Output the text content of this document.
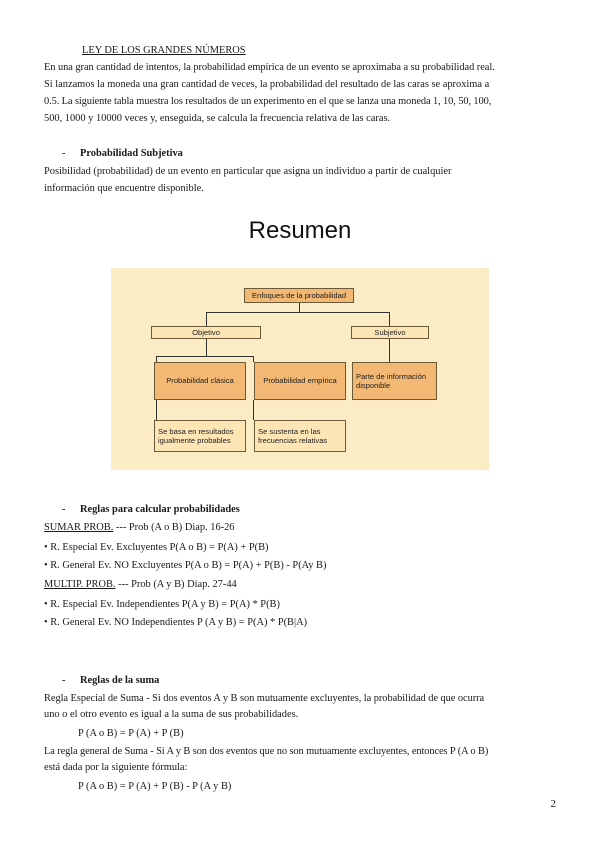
LEY DE LOS GRANDES NÚMEROS
En una gran cantidad de intentos, la probabilidad empírica de un evento se aproximaba a su probabilidad real.
Si lanzamos la moneda una gran cantidad de veces, la probabilidad del resultado de las caras se aproxima a
0.5. La siguiente tabla muestra los resultados de un experimento en el que se lanza una moneda 1, 10, 50, 100,
500, 1000 y 10000 veces y, enseguida, se calcula la frecuencia relativa de las caras.
- Probabilidad Subjetiva
Posibilidad (probabilidad) de un evento en particular que asigna un individuo a partir de cualquier
información que encuentre disponible.
Resumen
Enfoques de la probabilidad
Objetivo	Subjetivo
Probabilidad clásica	Probabilidad empírica
Parte de información disponible
Se basa en resultados igualmente probables
Se sustenta en las frecuencias relativas
- Reglas para calcular probabilidades
SUMAR PROB. --- Prob (A o B) Diap. 16-26
• R. Especial Ev. Excluyentes P(A o B) = P(A) + P(B)
• R. General Ev. NO Excluyentes P(A o B) = P(A) + P(B) - P(Ay B)
MULTIP. PROB. --- Prob (A y B) Diap. 27-44
• R. Especial Ev. Independientes P(A y B) = P(A) * P(B)
• R. General Ev. NO Independientes P (A y B) = P(A) * P(B|A)
- Reglas de la suma
Regla Especial de Suma - Si dos eventos A y B son mutuamente excluyentes, la probabilidad de que ocurra
uno o el otro evento es igual a la suma de sus probabilidades.
P (A o B) = P (A) + P (B)
La regla general de Suma - Si A y B son dos eventos que no son mutuamente excluyentes, entonces P (A o B)
está dada por la siguiente fórmula:
P (A o B) = P (A) + P (B) - P (A y B)
2
